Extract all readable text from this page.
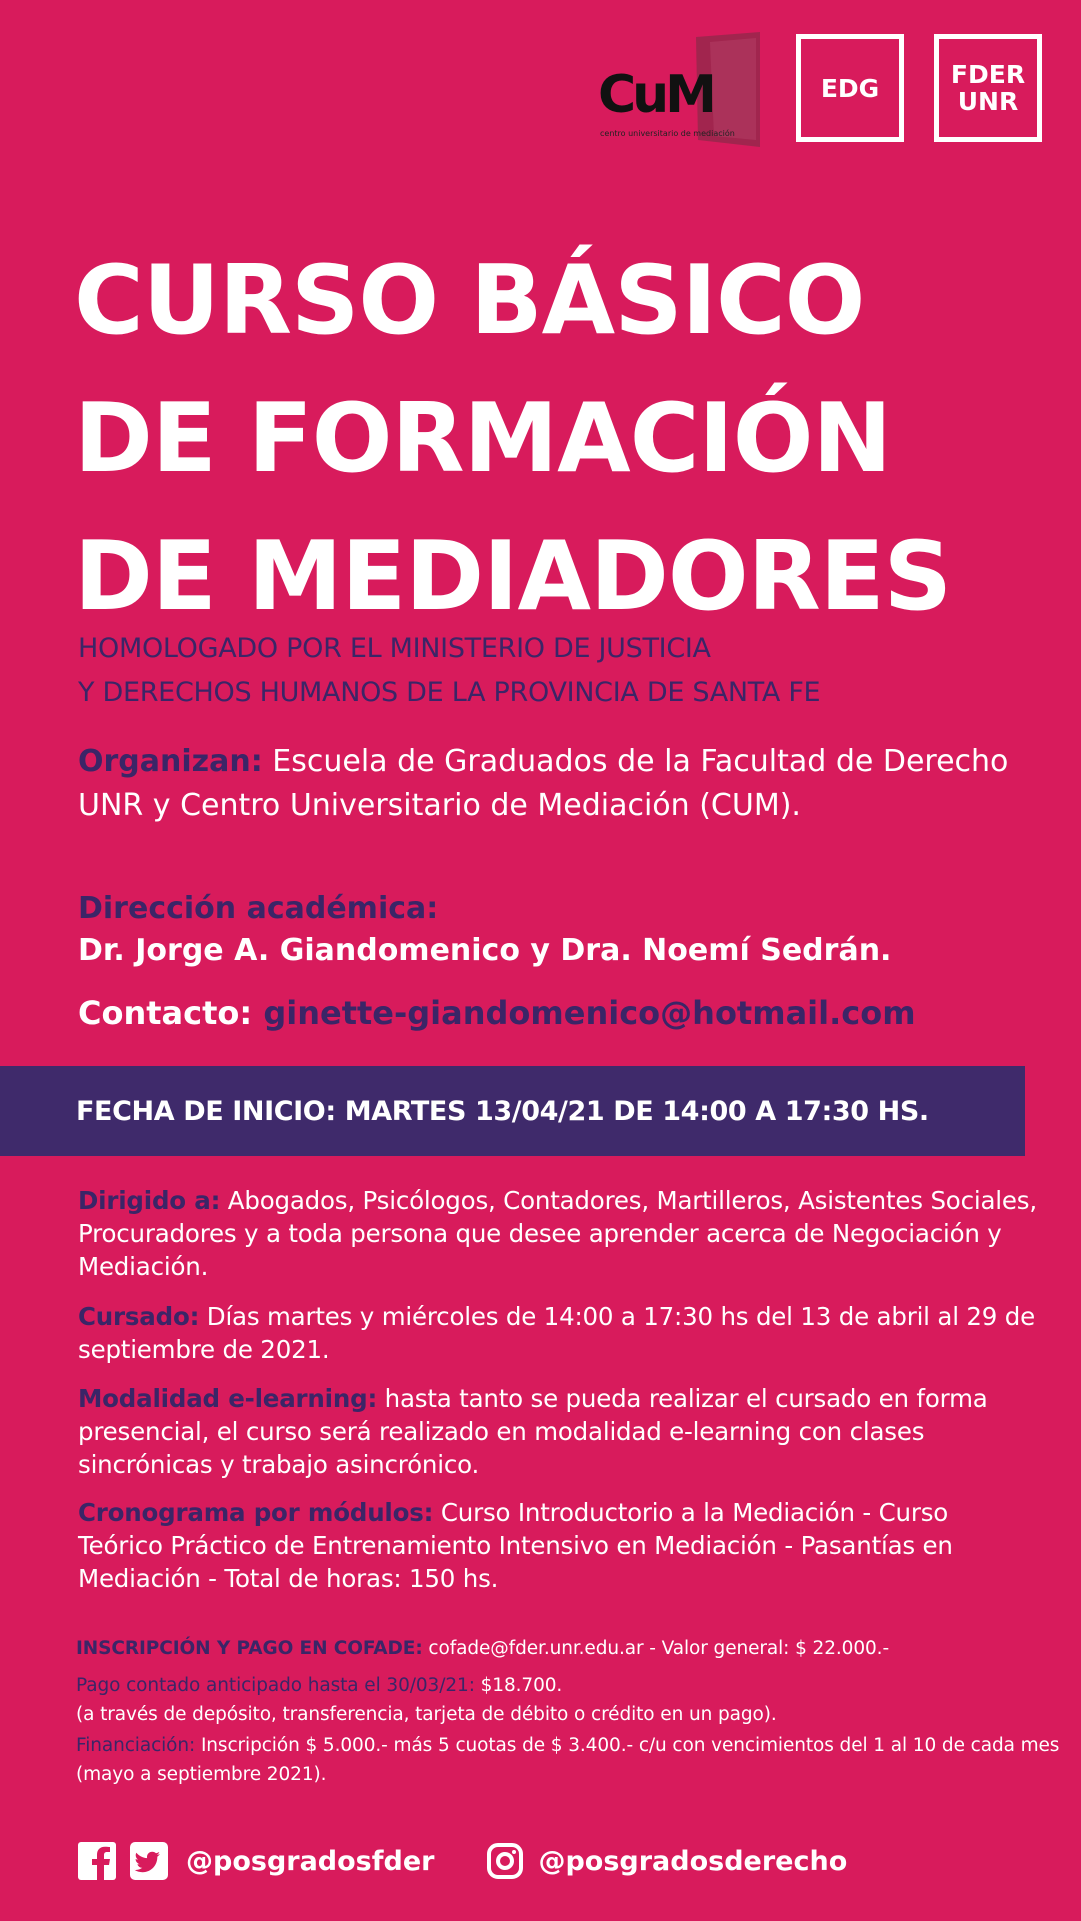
CuM
centro universitario de mediación
EDG	FDER
UNR
CURSO BÁSICO
DE FORMACIÓN
DE MEDIADORES
HOMOLOGADO POR EL MINISTERIO DE JUSTICIA
Y DERECHOS HUMANOS DE LA PROVINCIA DE SANTA FE
Organizan: Escuela de Graduados de la Facultad de Derecho UNR y Centro Universitario de Mediación (CUM).
Dirección académica:
Dr. Jorge A. Giandomenico y Dra. Noemí Sedrán.
Contacto: ginette-giandomenico@hotmail.com
FECHA DE INICIO: MARTES 13/04/21 DE 14:00 A 17:30 HS.
Dirigido a: Abogados, Psicólogos, Contadores, Martilleros, Asistentes Sociales, Procuradores y a toda persona que desee aprender acerca de Negociación y Mediación.
Cursado: Días martes y miércoles de 14:00 a 17:30 hs del 13 de abril al 29 de septiembre de 2021.
Modalidad e-learning: hasta tanto se pueda realizar el cursado en forma presencial, el curso será realizado en modalidad e-learning con clases sincrónicas y trabajo asincrónico.
Cronograma por módulos: Curso Introductorio a la Mediación - Curso Teórico Práctico de Entrenamiento Intensivo en Mediación - Pasantías en Mediación - Total de horas: 150 hs.
INSCRIPCIÓN Y PAGO EN COFADE: cofade@fder.unr.edu.ar - Valor general: $ 22.000.-
Pago contado anticipado hasta el 30/03/21: $18.700.
(a través de depósito, transferencia, tarjeta de débito o crédito en un pago).
Financiación: Inscripción $ 5.000.- más 5 cuotas de $ 3.400.- c/u con vencimientos del 1 al 10 de cada mes (mayo a septiembre 2021).
@posgradosfder	@posgradosderecho
